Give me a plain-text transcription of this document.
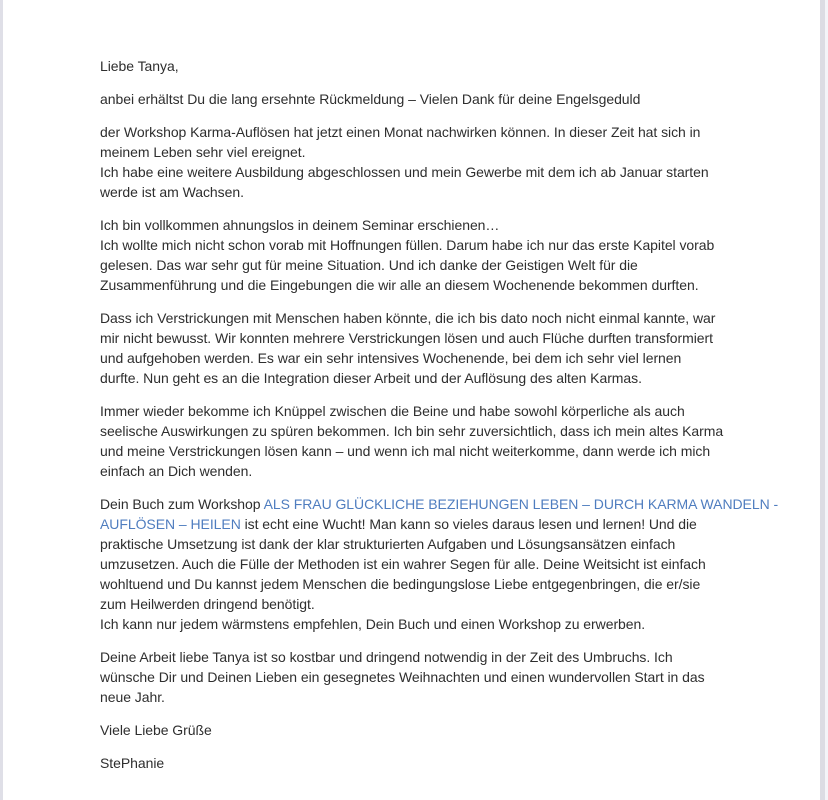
Liebe Tanya,
anbei erhältst Du die lang ersehnte Rückmeldung – Vielen Dank für deine Engelsgeduld
der Workshop Karma-Auflösen hat jetzt einen Monat nachwirken können. In dieser Zeit hat sich in
meinem Leben sehr viel ereignet.
Ich habe eine weitere Ausbildung abgeschlossen und mein Gewerbe mit dem ich ab Januar starten
werde ist am Wachsen.
Ich bin vollkommen ahnungslos in deinem Seminar erschienen…
Ich wollte mich nicht schon vorab mit Hoffnungen füllen. Darum habe ich nur das erste Kapitel vorab
gelesen. Das war sehr gut für meine Situation. Und ich danke der Geistigen Welt für die
Zusammenführung und die Eingebungen die wir alle an diesem Wochenende bekommen durften.
Dass ich Verstrickungen mit Menschen haben könnte, die ich bis dato noch nicht einmal kannte, war
mir nicht bewusst. Wir konnten mehrere Verstrickungen lösen und auch Flüche durften transformiert
und aufgehoben werden. Es war ein sehr intensives Wochenende, bei dem ich sehr viel lernen
durfte. Nun geht es an die Integration dieser Arbeit und der Auflösung des alten Karmas.
Immer wieder bekomme ich Knüppel zwischen die Beine und habe sowohl körperliche als auch
seelische Auswirkungen zu spüren bekommen. Ich bin sehr zuversichtlich, dass ich mein altes Karma
und meine Verstrickungen lösen kann – und wenn ich mal nicht weiterkomme, dann werde ich mich
einfach an Dich wenden.
Dein Buch zum Workshop ALS FRAU GLÜCKLICHE BEZIEHUNGEN LEBEN – DURCH KARMA WANDELN -
AUFLÖSEN – HEILEN ist echt eine Wucht! Man kann so vieles daraus lesen und lernen! Und die
praktische Umsetzung ist dank der klar strukturierten Aufgaben und Lösungsansätzen einfach
umzusetzen. Auch die Fülle der Methoden ist ein wahrer Segen für alle. Deine Weitsicht ist einfach
wohltuend und Du kannst jedem Menschen die bedingungslose Liebe entgegenbringen, die er/sie
zum Heilwerden dringend benötigt.
Ich kann nur jedem wärmstens empfehlen, Dein Buch und einen Workshop zu erwerben.
Deine Arbeit liebe Tanya ist so kostbar und dringend notwendig in der Zeit des Umbruchs. Ich
wünsche Dir und Deinen Lieben ein gesegnetes Weihnachten und einen wundervollen Start in das
neue Jahr.
Viele Liebe Grüße
StePhanie
